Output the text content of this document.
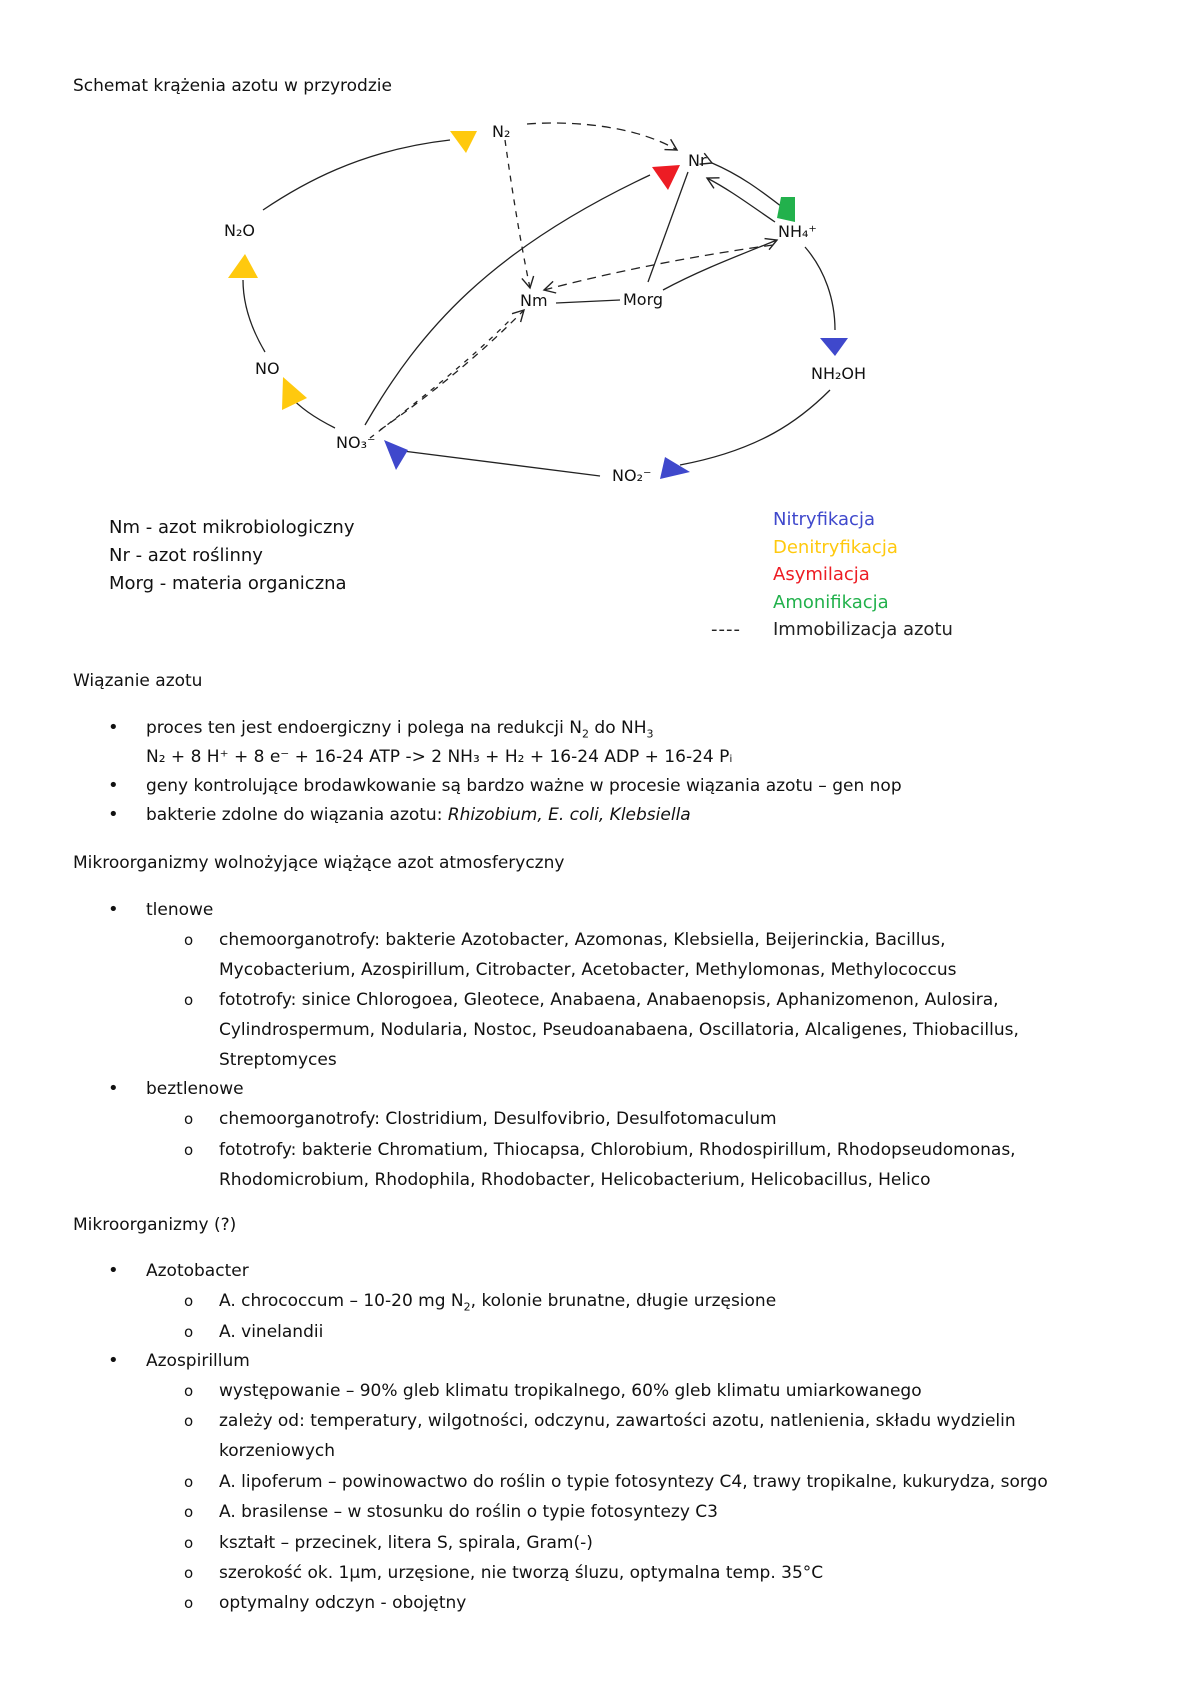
Schemat krążenia azotu w przyrodzie
N₂
Nr
N₂O	NH₄⁺
Nm	Morg
NO	NH₂OH
NO₃⁻
NO₂⁻
Nm - azot mikrobiologiczny
Nr - azot roślinny
Morg - materia organiczna
Nitryfikacja
Denitryfikacja
Asymilacja
Amonifikacja
---- Immobilizacja azotu
Wiązanie azotu
• proces ten jest endoergiczny i polega na redukcji $N_2$ do $NH_3$
N₂ + 8 H⁺ + 8 e⁻ + 16-24 ATP -> 2 NH₃ + H₂ + 16-24 ADP + 16-24 Pᵢ
• geny kontrolujące brodawkowanie są bardzo ważne w procesie wiązania azotu – gen nop
• bakterie zdolne do wiązania azotu: Rhizobium, E. coli, Klebsiella
Mikroorganizmy wolnożyjące wiążące azot atmosferyczny
• tlenowe
o chemoorganotrofy: bakterie Azotobacter, Azomonas, Klebsiella, Beijerinckia, Bacillus,
Mycobacterium, Azospirillum, Citrobacter, Acetobacter, Methylomonas, Methylococcus
o fototrofy: sinice Chlorogoea, Gleotece, Anabaena, Anabaenopsis, Aphanizomenon, Aulosira,
Cylindrospermum, Nodularia, Nostoc, Pseudoanabaena, Oscillatoria, Alcaligenes, Thiobacillus,
Streptomyces
• beztlenowe
o chemoorganotrofy: Clostridium, Desulfovibrio, Desulfotomaculum
o fototrofy: bakterie Chromatium, Thiocapsa, Chlorobium, Rhodospirillum, Rhodopseudomonas,
Rhodomicrobium, Rhodophila, Rhodobacter, Helicobacterium, Helicobacillus, Helico
Mikroorganizmy (?)
• Azotobacter
o A. chrococcum – 10-20 mg $N_2$, kolonie brunatne, długie urzęsione
o A. vinelandii
• Azospirillum
o występowanie – 90% gleb klimatu tropikalnego, 60% gleb klimatu umiarkowanego
o zależy od: temperatury, wilgotności, odczynu, zawartości azotu, natlenienia, składu wydzielin
korzeniowych
o A. lipoferum – powinowactwo do roślin o typie fotosyntezy C4, trawy tropikalne, kukurydza, sorgo
o A. brasilense – w stosunku do roślin o typie fotosyntezy C3
o kształt – przecinek, litera S, spirala, Gram(-)
o szerokość ok. 1µm, urzęsione, nie tworzą śluzu, optymalna temp. 35°C
o optymalny odczyn - obojętny
